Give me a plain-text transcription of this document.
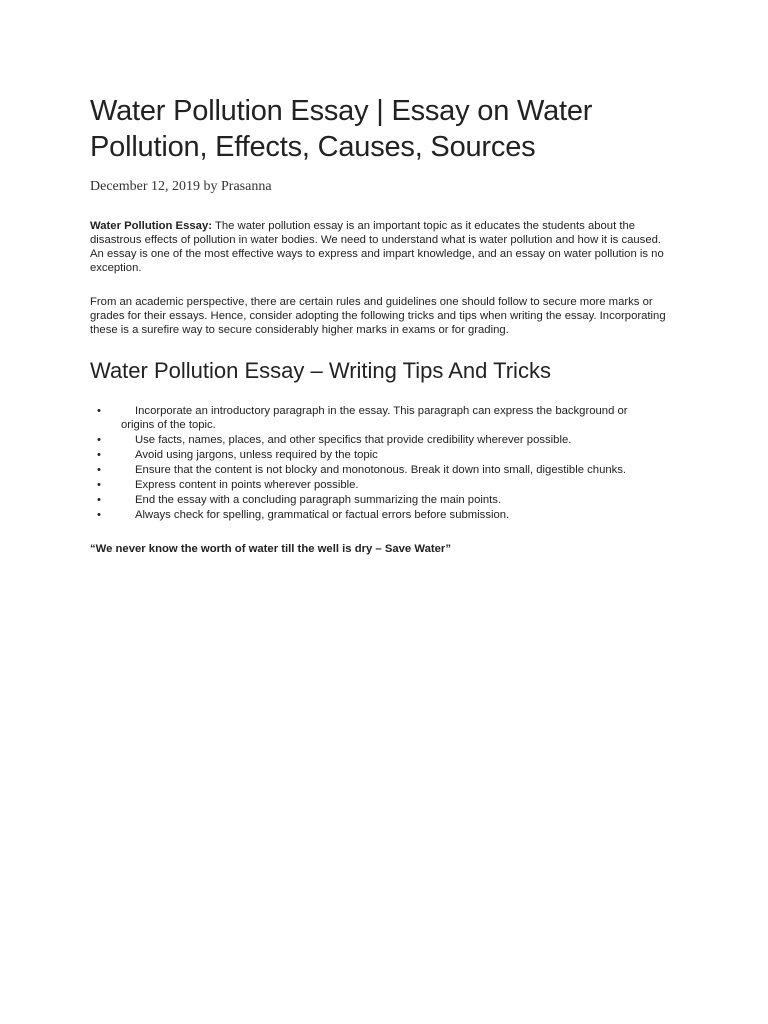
Water Pollution Essay | Essay on Water Pollution, Effects, Causes, Sources
December 12, 2019 by Prasanna

Water Pollution Essay: The water pollution essay is an important topic as it educates the students about the disastrous effects of pollution in water bodies. We need to understand what is water pollution and how it is caused. An essay is one of the most effective ways to express and impart knowledge, and an essay on water pollution is no exception.

From an academic perspective, there are certain rules and guidelines one should follow to secure more marks or grades for their essays. Hence, consider adopting the following tricks and tips when writing the essay. Incorporating these is a surefire way to secure considerably higher marks in exams or for grading.

Water Pollution Essay – Writing Tips And Tricks
•	Incorporate an introductory paragraph in the essay. This paragraph can express the background or origins of the topic.
•	Use facts, names, places, and other specifics that provide credibility wherever possible.
•	Avoid using jargons, unless required by the topic
•	Ensure that the content is not blocky and monotonous. Break it down into small, digestible chunks.
•	Express content in points wherever possible.
•	End the essay with a concluding paragraph summarizing the main points.
•	Always check for spelling, grammatical or factual errors before submission.

“We never know the worth of water till the well is dry – Save Water”
